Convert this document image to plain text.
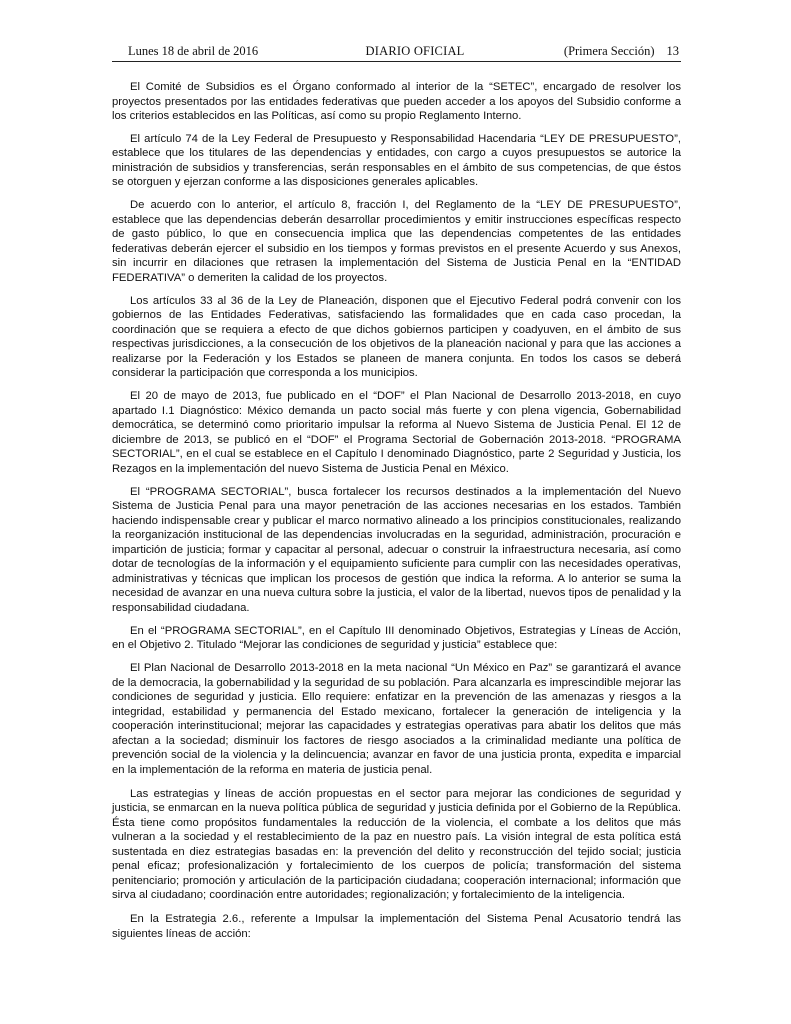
Lunes 18 de abril de 2016	DIARIO OFICIAL	(Primera Sección) 13

El Comité de Subsidios es el Órgano conformado al interior de la “SETEC”, encargado de resolver los proyectos presentados por las entidades federativas que pueden acceder a los apoyos del Subsidio conforme a los criterios establecidos en las Políticas, así como su propio Reglamento Interno.

El artículo 74 de la Ley Federal de Presupuesto y Responsabilidad Hacendaria “LEY DE PRESUPUESTO”, establece que los titulares de las dependencias y entidades, con cargo a cuyos presupuestos se autorice la ministración de subsidios y transferencias, serán responsables en el ámbito de sus competencias, de que éstos se otorguen y ejerzan conforme a las disposiciones generales aplicables.

De acuerdo con lo anterior, el artículo 8, fracción I, del Reglamento de la “LEY DE PRESUPUESTO”, establece que las dependencias deberán desarrollar procedimientos y emitir instrucciones específicas respecto de gasto público, lo que en consecuencia implica que las dependencias competentes de las entidades federativas deberán ejercer el subsidio en los tiempos y formas previstos en el presente Acuerdo y sus Anexos, sin incurrir en dilaciones que retrasen la implementación del Sistema de Justicia Penal en la “ENTIDAD FEDERATIVA” o demeriten la calidad de los proyectos.

Los artículos 33 al 36 de la Ley de Planeación, disponen que el Ejecutivo Federal podrá convenir con los gobiernos de las Entidades Federativas, satisfaciendo las formalidades que en cada caso procedan, la coordinación que se requiera a efecto de que dichos gobiernos participen y coadyuven, en el ámbito de sus respectivas jurisdicciones, a la consecución de los objetivos de la planeación nacional y para que las acciones a realizarse por la Federación y los Estados se planeen de manera conjunta. En todos los casos se deberá considerar la participación que corresponda a los municipios.

El 20 de mayo de 2013, fue publicado en el “DOF” el Plan Nacional de Desarrollo 2013-2018, en cuyo apartado I.1 Diagnóstico: México demanda un pacto social más fuerte y con plena vigencia, Gobernabilidad democrática, se determinó como prioritario impulsar la reforma al Nuevo Sistema de Justicia Penal. El 12 de diciembre de 2013, se publicó en el “DOF” el Programa Sectorial de Gobernación 2013-2018. “PROGRAMA SECTORIAL”, en el cual se establece en el Capítulo I denominado Diagnóstico, parte 2 Seguridad y Justicia, los Rezagos en la implementación del nuevo Sistema de Justicia Penal en México.

El “PROGRAMA SECTORIAL”, busca fortalecer los recursos destinados a la implementación del Nuevo Sistema de Justicia Penal para una mayor penetración de las acciones necesarias en los estados. También haciendo indispensable crear y publicar el marco normativo alineado a los principios constitucionales, realizando la reorganización institucional de las dependencias involucradas en la seguridad, administración, procuración e impartición de justicia; formar y capacitar al personal, adecuar o construir la infraestructura necesaria, así como dotar de tecnologías de la información y el equipamiento suficiente para cumplir con las necesidades operativas, administrativas y técnicas que implican los procesos de gestión que indica la reforma. A lo anterior se suma la necesidad de avanzar en una nueva cultura sobre la justicia, el valor de la libertad, nuevos tipos de penalidad y la responsabilidad ciudadana.

En el “PROGRAMA SECTORIAL”, en el Capítulo III denominado Objetivos, Estrategias y Líneas de Acción, en el Objetivo 2. Titulado “Mejorar las condiciones de seguridad y justicia” establece que:

El Plan Nacional de Desarrollo 2013-2018 en la meta nacional “Un México en Paz” se garantizará el avance de la democracia, la gobernabilidad y la seguridad de su población. Para alcanzarla es imprescindible mejorar las condiciones de seguridad y justicia. Ello requiere: enfatizar en la prevención de las amenazas y riesgos a la integridad, estabilidad y permanencia del Estado mexicano, fortalecer la generación de inteligencia y la cooperación interinstitucional; mejorar las capacidades y estrategias operativas para abatir los delitos que más afectan a la sociedad; disminuir los factores de riesgo asociados a la criminalidad mediante una política de prevención social de la violencia y la delincuencia; avanzar en favor de una justicia pronta, expedita e imparcial en la implementación de la reforma en materia de justicia penal.

Las estrategias y líneas de acción propuestas en el sector para mejorar las condiciones de seguridad y justicia, se enmarcan en la nueva política pública de seguridad y justicia definida por el Gobierno de la República. Ésta tiene como propósitos fundamentales la reducción de la violencia, el combate a los delitos que más vulneran a la sociedad y el restablecimiento de la paz en nuestro país. La visión integral de esta política está sustentada en diez estrategias basadas en: la prevención del delito y reconstrucción del tejido social; justicia penal eficaz; profesionalización y fortalecimiento de los cuerpos de policía; transformación del sistema penitenciario; promoción y articulación de la participación ciudadana; cooperación internacional; información que sirva al ciudadano; coordinación entre autoridades; regionalización; y fortalecimiento de la inteligencia.

En la Estrategia 2.6., referente a Impulsar la implementación del Sistema Penal Acusatorio tendrá las siguientes líneas de acción:
